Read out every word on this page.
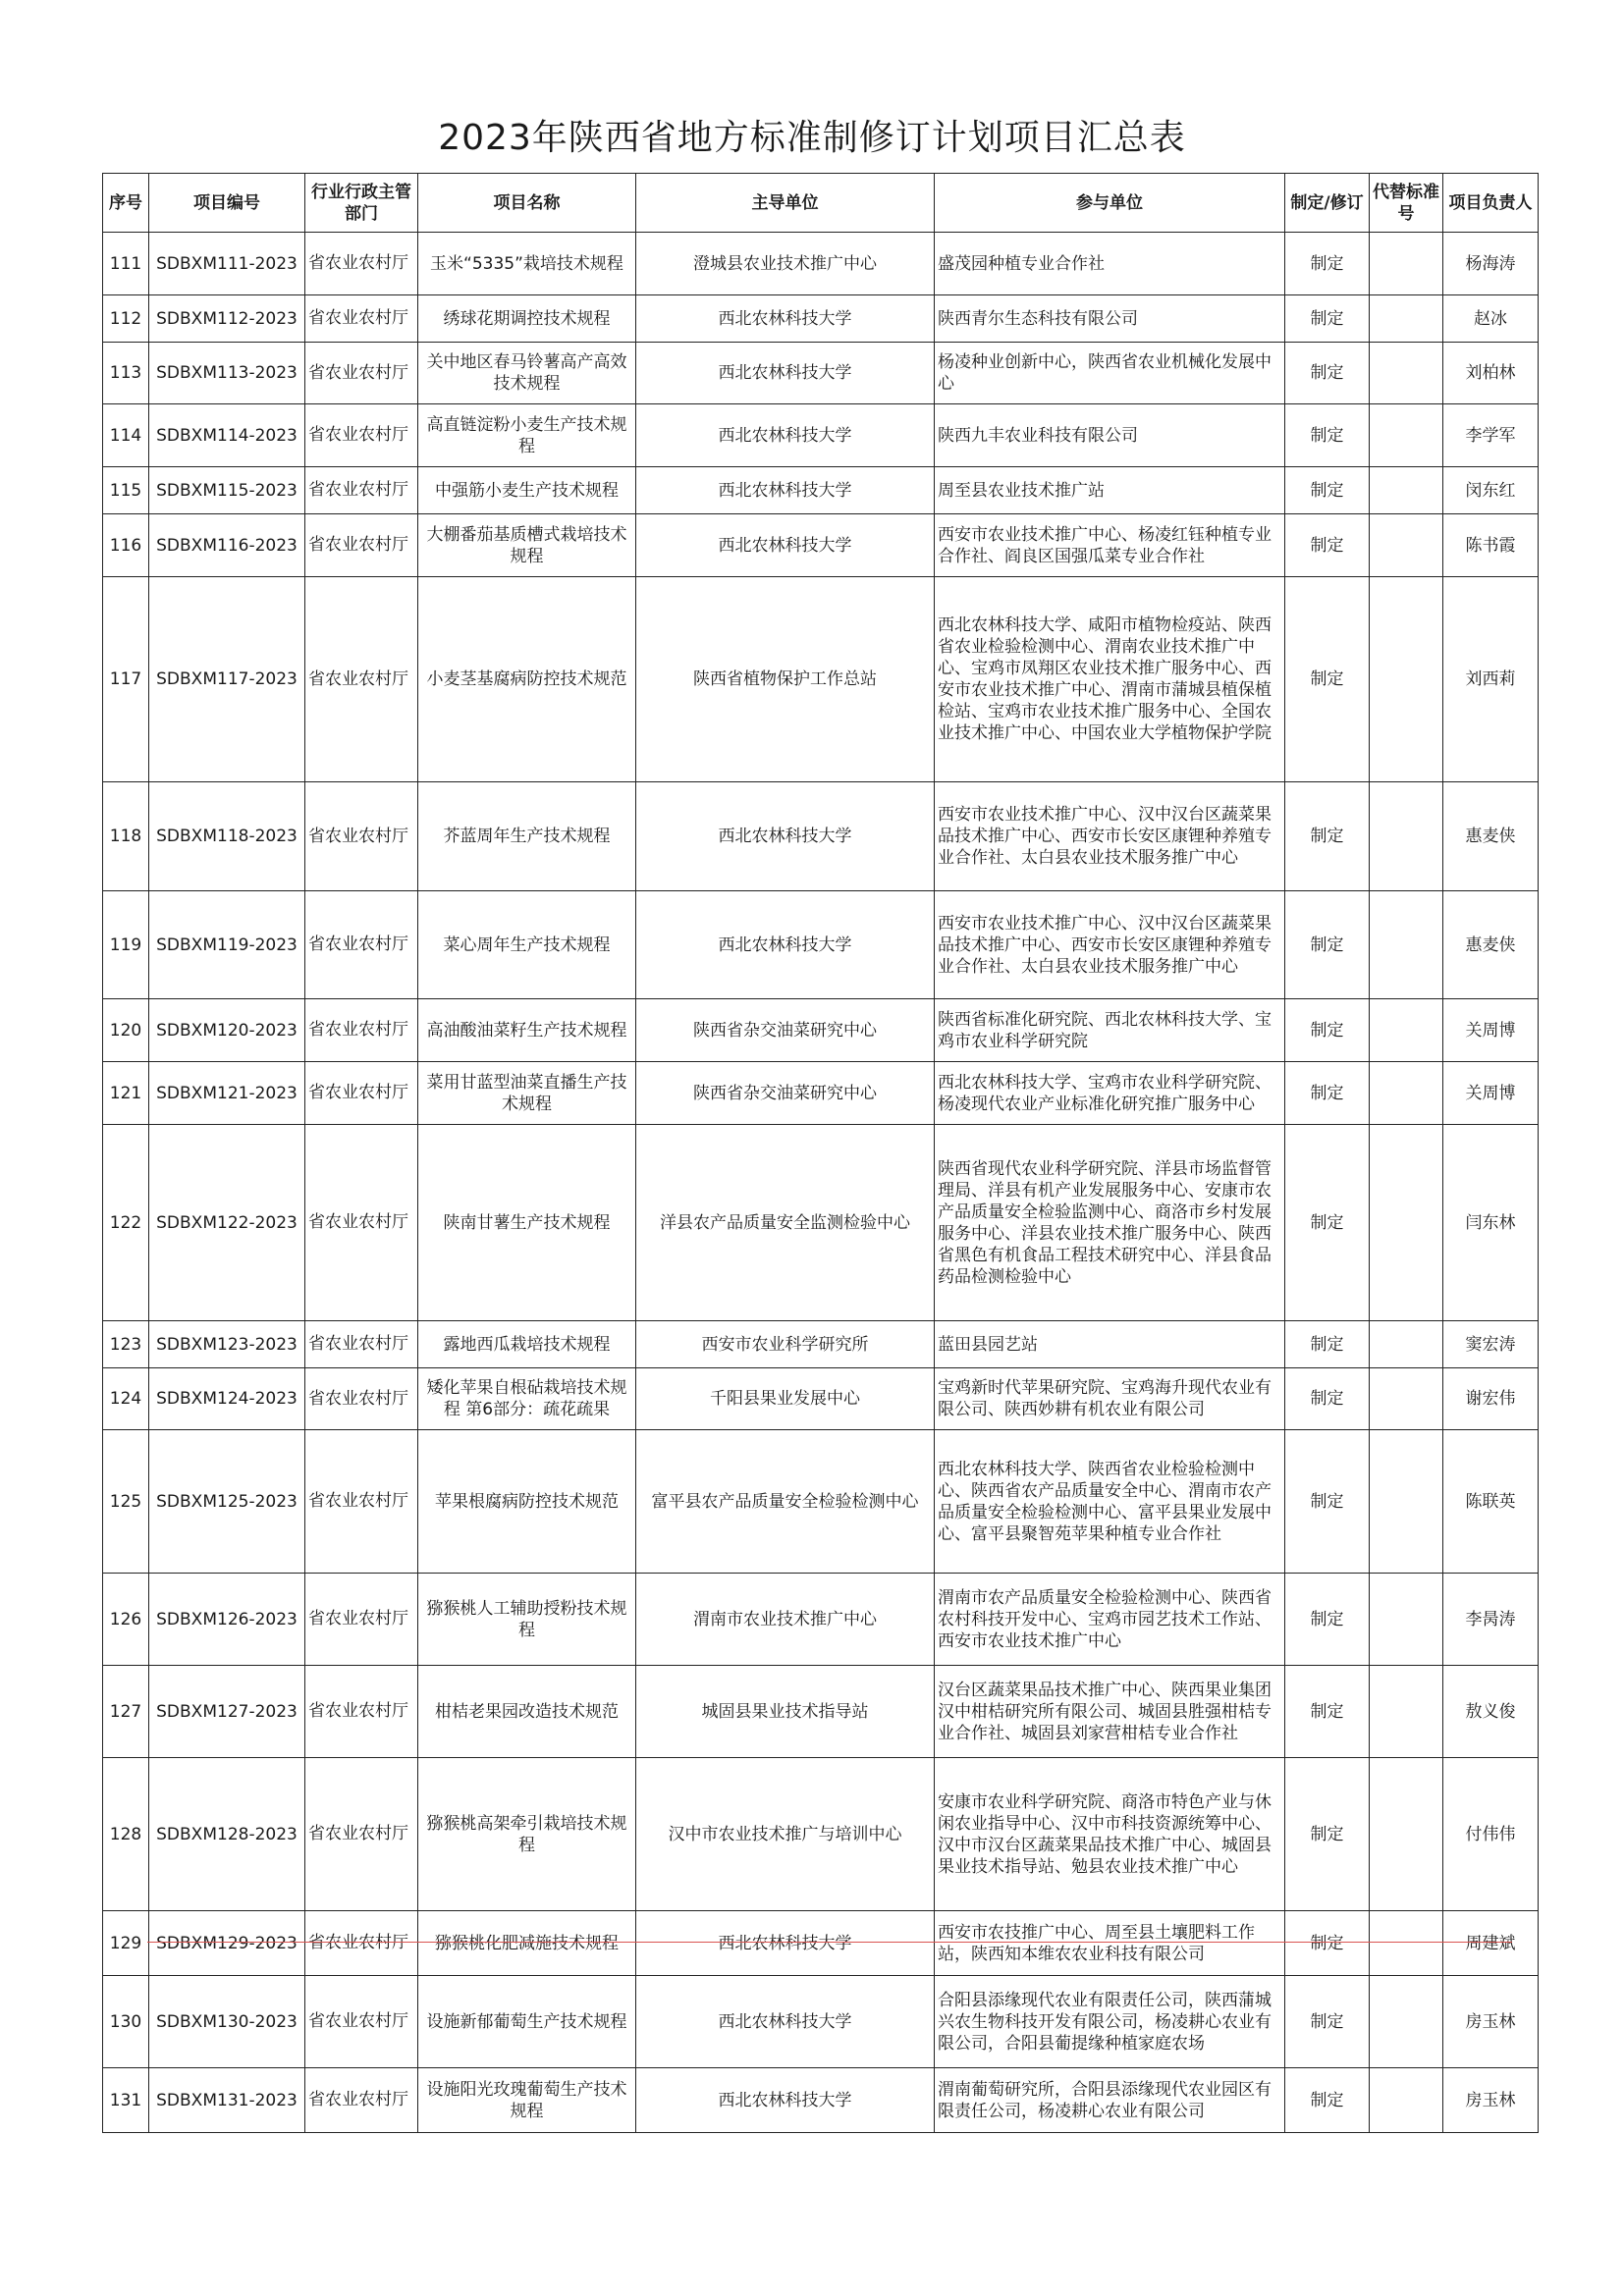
2023年陕西省地方标准制修订计划项目汇总表
序号	项目编号	行业行政主管部门	项目名称	主导单位	参与单位	制定/修订	代替标准号	项目负责人
111	SDBXM111-2023	省农业农村厅	玉米“5335”栽培技术规程	澄城县农业技术推广中心	盛茂园种植专业合作社	制定		杨海涛
112	SDBXM112-2023	省农业农村厅	绣球花期调控技术规程	西北农林科技大学	陕西青尔生态科技有限公司	制定		赵冰
113	SDBXM113-2023	省农业农村厅	关中地区春马铃薯高产高效技术规程	西北农林科技大学	杨凌种业创新中心，陕西省农业机械化发展中心	制定		刘柏林
114	SDBXM114-2023	省农业农村厅	高直链淀粉小麦生产技术规程	西北农林科技大学	陕西九丰农业科技有限公司	制定		李学军
115	SDBXM115-2023	省农业农村厅	中强筋小麦生产技术规程	西北农林科技大学	周至县农业技术推广站	制定		闵东红
116	SDBXM116-2023	省农业农村厅	大棚番茄基质槽式栽培技术规程	西北农林科技大学	西安市农业技术推广中心、杨凌红钰种植专业合作社、阎良区国强瓜菜专业合作社	制定		陈书霞
117	SDBXM117-2023	省农业农村厅	小麦茎基腐病防控技术规范	陕西省植物保护工作总站	西北农林科技大学、咸阳市植物检疫站、陕西省农业检验检测中心、渭南农业技术推广中心、宝鸡市凤翔区农业技术推广服务中心、西安市农业技术推广中心、渭南市蒲城县植保植检站、宝鸡市农业技术推广服务中心、全国农业技术推广中心、中国农业大学植物保护学院	制定		刘西莉
118	SDBXM118-2023	省农业农村厅	芥蓝周年生产技术规程	西北农林科技大学	西安市农业技术推广中心、汉中汉台区蔬菜果品技术推广中心、西安市长安区康锂种养殖专业合作社、太白县农业技术服务推广中心	制定		惠麦侠
119	SDBXM119-2023	省农业农村厅	菜心周年生产技术规程	西北农林科技大学	西安市农业技术推广中心、汉中汉台区蔬菜果品技术推广中心、西安市长安区康锂种养殖专业合作社、太白县农业技术服务推广中心	制定		惠麦侠
120	SDBXM120-2023	省农业农村厅	高油酸油菜籽生产技术规程	陕西省杂交油菜研究中心	陕西省标准化研究院、西北农林科技大学、宝鸡市农业科学研究院	制定		关周博
121	SDBXM121-2023	省农业农村厅	菜用甘蓝型油菜直播生产技术规程	陕西省杂交油菜研究中心	西北农林科技大学、宝鸡市农业科学研究院、杨凌现代农业产业标准化研究推广服务中心	制定		关周博
122	SDBXM122-2023	省农业农村厅	陕南甘薯生产技术规程	洋县农产品质量安全监测检验中心	陕西省现代农业科学研究院、洋县市场监督管理局、洋县有机产业发展服务中心、安康市农产品质量安全检验监测中心、商洛市乡村发展服务中心、洋县农业技术推广服务中心、陕西省黑色有机食品工程技术研究中心、洋县食品药品检测检验中心	制定		闫东林
123	SDBXM123-2023	省农业农村厅	露地西瓜栽培技术规程	西安市农业科学研究所	蓝田县园艺站	制定		窦宏涛
124	SDBXM124-2023	省农业农村厅	矮化苹果自根砧栽培技术规程 第6部分：疏花疏果	千阳县果业发展中心	宝鸡新时代苹果研究院、宝鸡海升现代农业有限公司、陕西妙耕有机农业有限公司	制定		谢宏伟
125	SDBXM125-2023	省农业农村厅	苹果根腐病防控技术规范	富平县农产品质量安全检验检测中心	西北农林科技大学、陕西省农业检验检测中心、陕西省农产品质量安全中心、渭南市农产品质量安全检验检测中心、富平县果业发展中心、富平县聚智苑苹果种植专业合作社	制定		陈联英
126	SDBXM126-2023	省农业农村厅	猕猴桃人工辅助授粉技术规程	渭南市农业技术推广中心	渭南市农产品质量安全检验检测中心、陕西省农村科技开发中心、宝鸡市园艺技术工作站、西安市农业技术推广中心	制定		李昺涛
127	SDBXM127-2023	省农业农村厅	柑桔老果园改造技术规范	城固县果业技术指导站	汉台区蔬菜果品技术推广中心、陕西果业集团汉中柑桔研究所有限公司、城固县胜强柑桔专业合作社、城固县刘家营柑桔专业合作社	制定		敖义俊
128	SDBXM128-2023	省农业农村厅	猕猴桃高架牵引栽培技术规程	汉中市农业技术推广与培训中心	安康市农业科学研究院、商洛市特色产业与休闲农业指导中心、汉中市科技资源统筹中心、汉中市汉台区蔬菜果品技术推广中心、城固县果业技术指导站、勉县农业技术推广中心	制定		付伟伟
129	SDBXM129-2023	省农业农村厅	猕猴桃化肥减施技术规程	西北农林科技大学	西安市农技推广中心、周至县土壤肥料工作站，陕西知本维农农业科技有限公司	制定		周建斌
130	SDBXM130-2023	省农业农村厅	设施新郁葡萄生产技术规程	西北农林科技大学	合阳县添缘现代农业有限责任公司，陕西蒲城兴农生物科技开发有限公司，杨凌耕心农业有限公司，合阳县葡提缘种植家庭农场	制定		房玉林
131	SDBXM131-2023	省农业农村厅	设施阳光玫瑰葡萄生产技术规程	西北农林科技大学	渭南葡萄研究所，合阳县添缘现代农业园区有限责任公司，杨凌耕心农业有限公司	制定		房玉林
